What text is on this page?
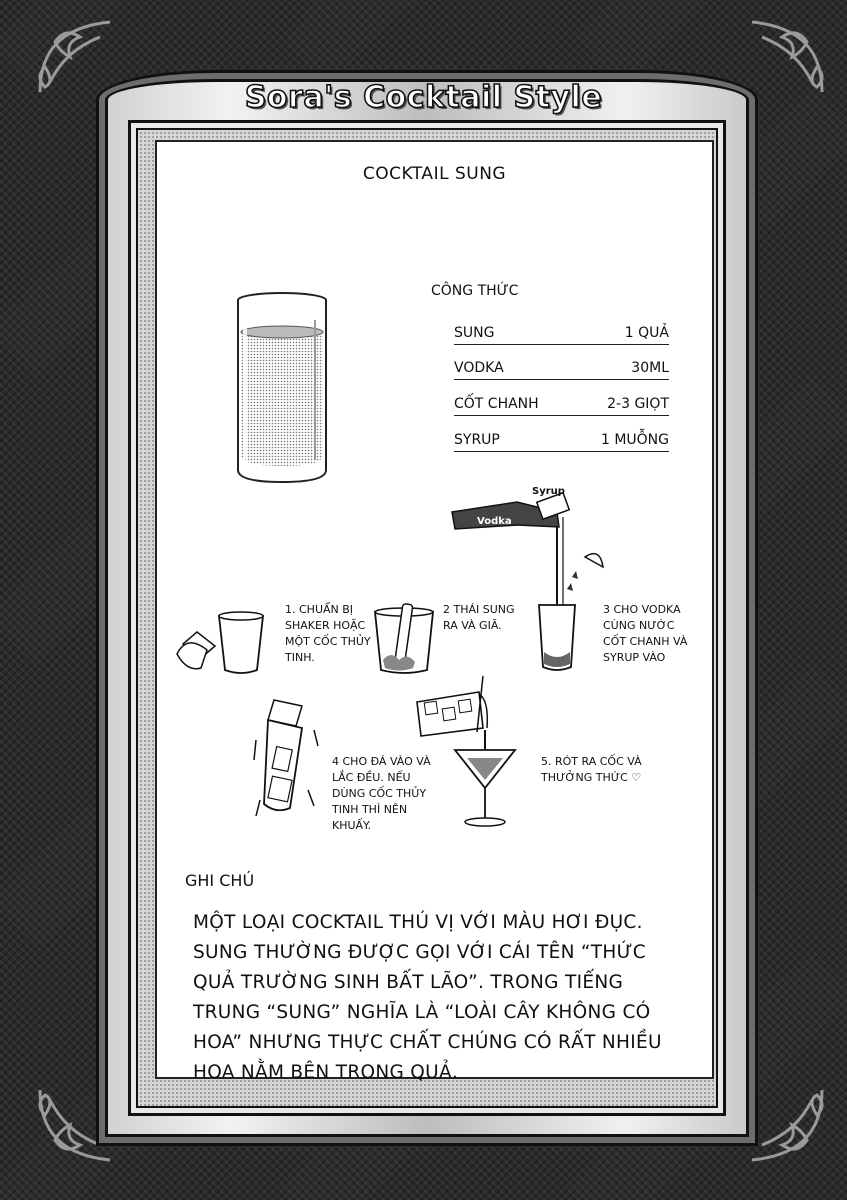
Sora's Cocktail Style
COCKTAIL SUNG
CÔNG THỨC
SUNG	1 QUẢ
VODKA	30ML
CỐT CHANH	2-3 GIỌT
SYRUP	1 MUỖNG
Vodka
Syrup
1. CHUẨN BỊ SHAKER HOẶC MỘT CỐC THỦY TINH.
2 THÁI SUNG RA VÀ GIÃ.
3 CHO VODKA CÙNG NƯỚC CỐT CHANH VÀ SYRUP VÀO
4 CHO ĐÁ VÀO VÀ LẮC ĐỀU. NẾU DÙNG CỐC THỦY TINH THÌ NÊN KHUẤY.
5. RÓT RA CỐC VÀ THƯỞNG THỨC ♡
GHI CHÚ
MỘT LOẠI COCKTAIL THÚ VỊ VỚI MÀU HƠI ĐỤC. SUNG THƯỜNG ĐƯỢC GỌI VỚI CÁI TÊN “THỨC QUẢ TRƯỜNG SINH BẤT LÃO”. TRONG TIẾNG TRUNG “SUNG” NGHĨA LÀ “LOÀI CÂY KHÔNG CÓ HOA” NHƯNG THỰC CHẤT CHÚNG CÓ RẤT NHIỀU HOA NẰM BÊN TRONG QUẢ.
